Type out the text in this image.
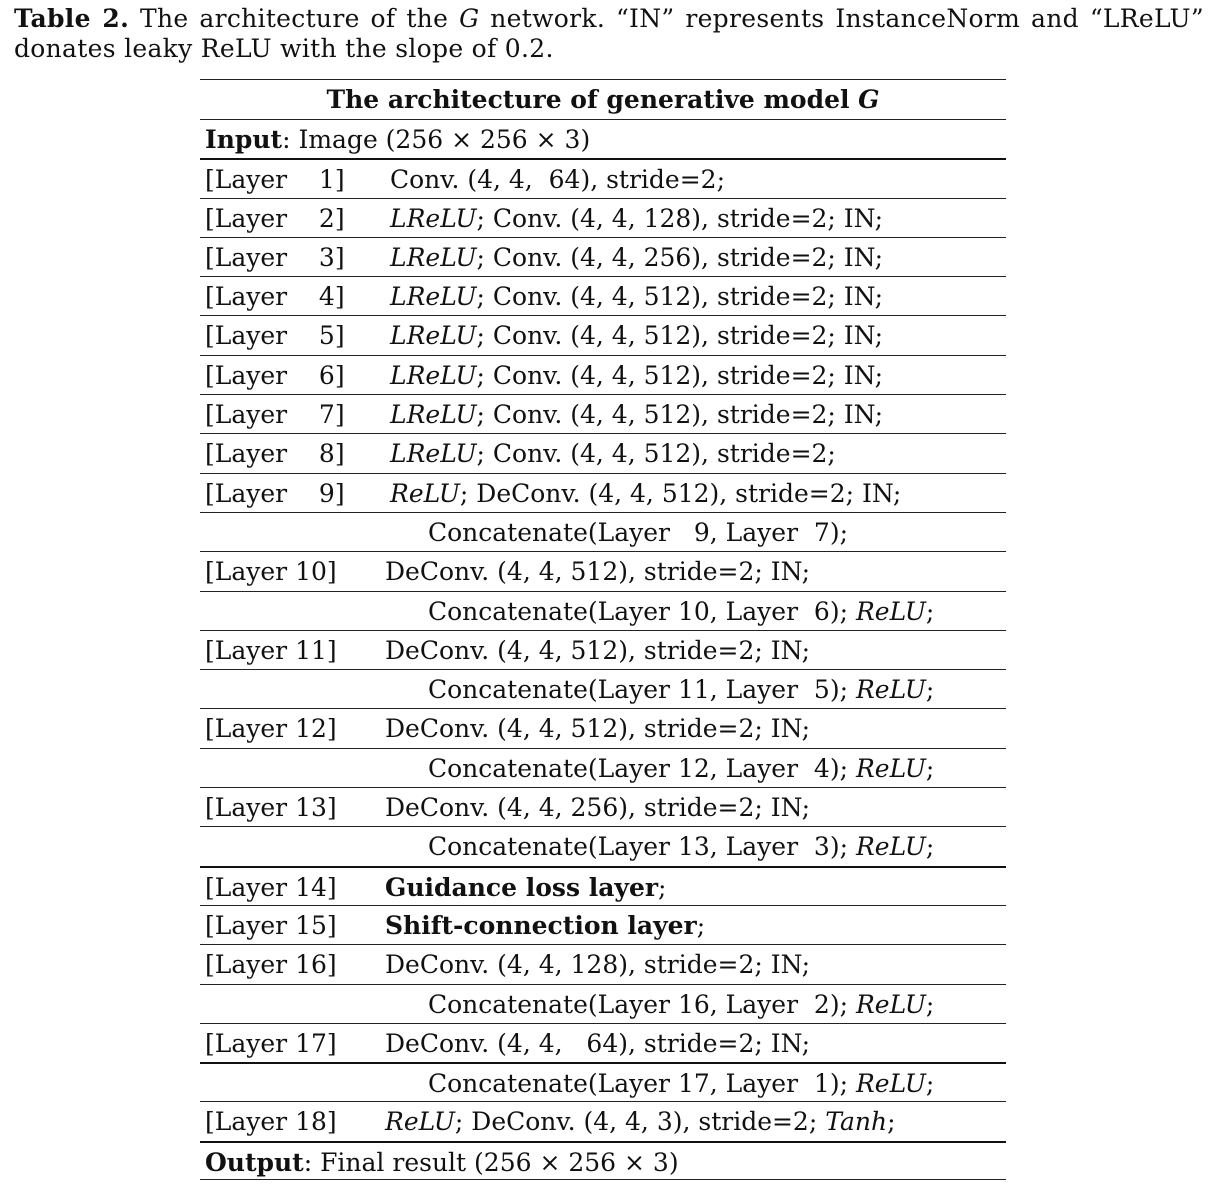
Table 2. The architecture of the G network. “IN” represents InstanceNorm and “LReLU” donates leaky ReLU with the slope of 0.2.
The architecture of generative model G
Input: Image (256 × 256 × 3)
[Layer    1] Conv. (4, 4,  64), stride=2;
[Layer    2] LReLU; Conv. (4, 4, 128), stride=2; IN;
[Layer    3] LReLU; Conv. (4, 4, 256), stride=2; IN;
[Layer    4] LReLU; Conv. (4, 4, 512), stride=2; IN;
[Layer    5] LReLU; Conv. (4, 4, 512), stride=2; IN;
[Layer    6] LReLU; Conv. (4, 4, 512), stride=2; IN;
[Layer    7] LReLU; Conv. (4, 4, 512), stride=2; IN;
[Layer    8] LReLU; Conv. (4, 4, 512), stride=2;
[Layer    9] ReLU; DeConv. (4, 4, 512), stride=2; IN;
Concatenate(Layer   9, Layer  7);
[Layer 10] DeConv. (4, 4, 512), stride=2; IN;
Concatenate(Layer 10, Layer  6); ReLU;
[Layer 11] DeConv. (4, 4, 512), stride=2; IN;
Concatenate(Layer 11, Layer  5); ReLU;
[Layer 12] DeConv. (4, 4, 512), stride=2; IN;
Concatenate(Layer 12, Layer  4); ReLU;
[Layer 13] DeConv. (4, 4, 256), stride=2; IN;
Concatenate(Layer 13, Layer  3); ReLU;
[Layer 14] Guidance loss layer;
[Layer 15] Shift-connection layer;
[Layer 16] DeConv. (4, 4, 128), stride=2; IN;
Concatenate(Layer 16, Layer  2); ReLU;
[Layer 17] DeConv. (4, 4,   64), stride=2; IN;
Concatenate(Layer 17, Layer  1); ReLU;
[Layer 18] ReLU; DeConv. (4, 4, 3), stride=2; Tanh;
Output: Final result (256 × 256 × 3)
